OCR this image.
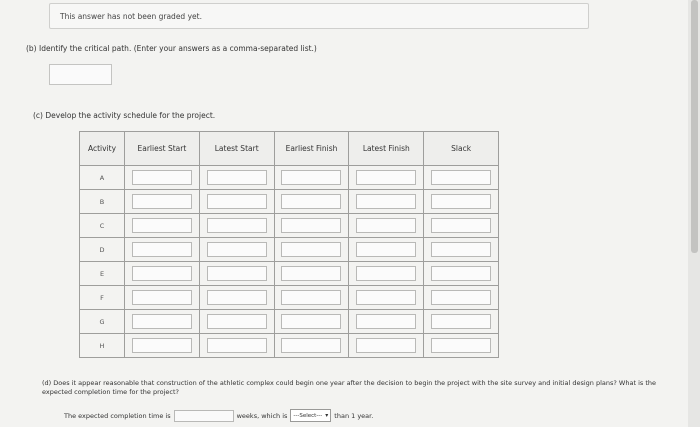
This answer has not been graded yet.
(b) Identify the critical path. (Enter your answers as a comma-separated list.)
(c) Develop the activity schedule for the project.
Activity	Earliest Start	Latest Start	Earliest Finish	Latest Finish	Slack
A	

B	

C	

D	

E	

F	

G	

H	

(d) Does it appear reasonable that construction of the athletic complex could begin one year after the decision to begin the project with the site survey and initial design plans? What is the expected completion time for the project?
The expected completion time is	weeks, which is ---Select--- ▾ than 1 year.
